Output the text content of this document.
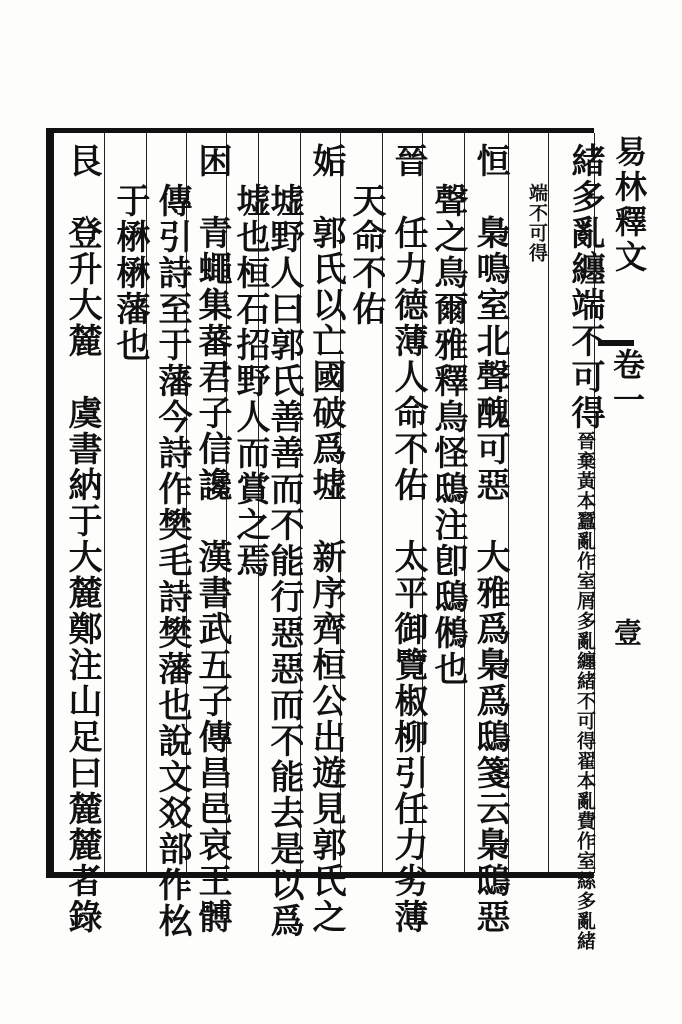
易林釋文
卷一
壹
緒多亂纏端不可得晉棄黃本蠶亂作室屑多亂纏緒不可得翟本亂費作室絲多亂緒
端不可得
恒　梟鳴室北聲醜可惡　大雅爲梟爲鴟箋云梟鴟惡
聲之鳥爾雅釋鳥怪鴟注卽鴟鵂也
晉　任力德薄人命不佑　太平御覽椒柳引任力劣薄
天命不佑
姤　郭氏以亡國破爲墟　新序齊桓公出遊見郭氏之
墟野人曰郭氏善善而不能行惡惡而不能去是以爲
墟也桓石招野人而賞之焉
困　青蠅集蕃君子信讒　漢書武五子傳昌邑哀王髆
傳引詩至于藩今詩作樊毛詩樊藩也說文㸚部作㭃
于楙楙藩也
艮　登升大麓　虞書納于大麓鄭注山足曰麓麓者錄
